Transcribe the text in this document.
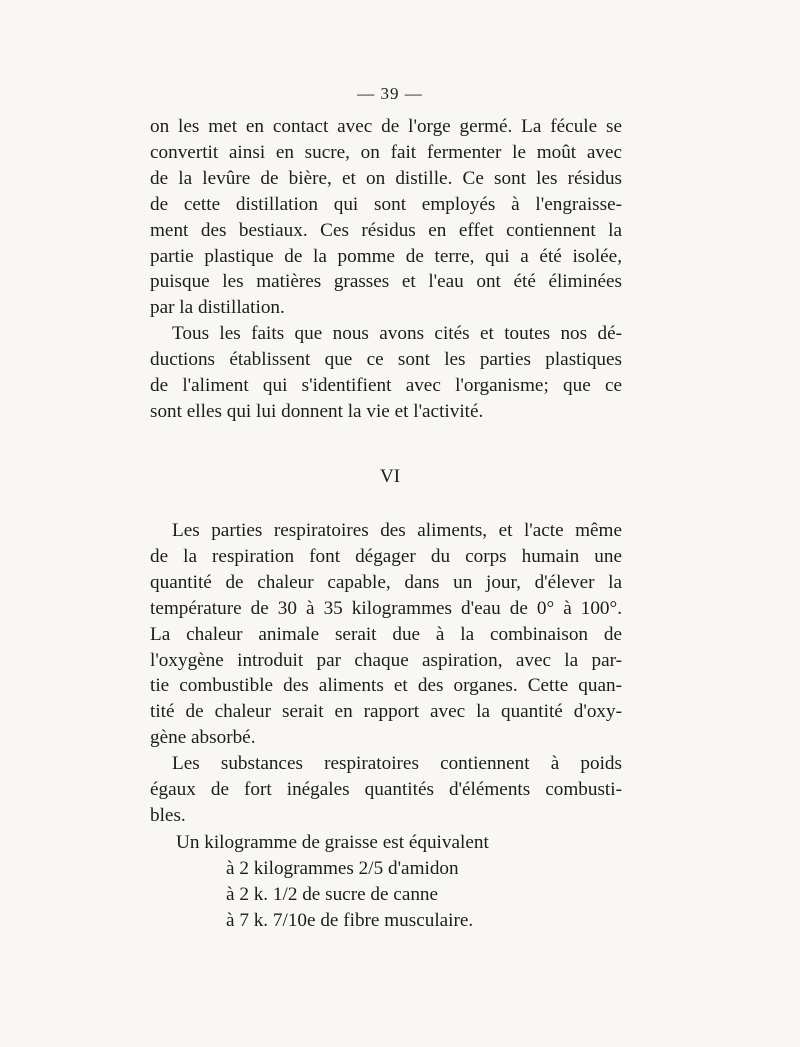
— 39 —
on les met en contact avec de l'orge germé. La fécule se
convertit ainsi en sucre, on fait fermenter le moût avec
de la levûre de bière, et on distille. Ce sont les résidus
de cette distillation qui sont employés à l'engraisse-
ment des bestiaux. Ces résidus en effet contiennent la
partie plastique de la pomme de terre, qui a été isolée,
puisque les matières grasses et l'eau ont été éliminées
par la distillation.
Tous les faits que nous avons cités et toutes nos dé-
ductions établissent que ce sont les parties plastiques
de l'aliment qui s'identifient avec l'organisme; que ce
sont elles qui lui donnent la vie et l'activité.
VI
Les parties respiratoires des aliments, et l'acte même
de la respiration font dégager du corps humain une
quantité de chaleur capable, dans un jour, d'élever la
température de 30 à 35 kilogrammes d'eau de 0° à 100°.
La chaleur animale serait due à la combinaison de
l'oxygène introduit par chaque aspiration, avec la par-
tie combustible des aliments et des organes. Cette quan-
tité de chaleur serait en rapport avec la quantité d'oxy-
gène absorbé.
Les substances respiratoires contiennent à poids
égaux de fort inégales quantités d'éléments combusti-
bles.
Un kilogramme de graisse est équivalent
à 2 kilogrammes 2/5 d'amidon
à 2 k. 1/2 de sucre de canne
à 7 k. 7/10e de fibre musculaire.
